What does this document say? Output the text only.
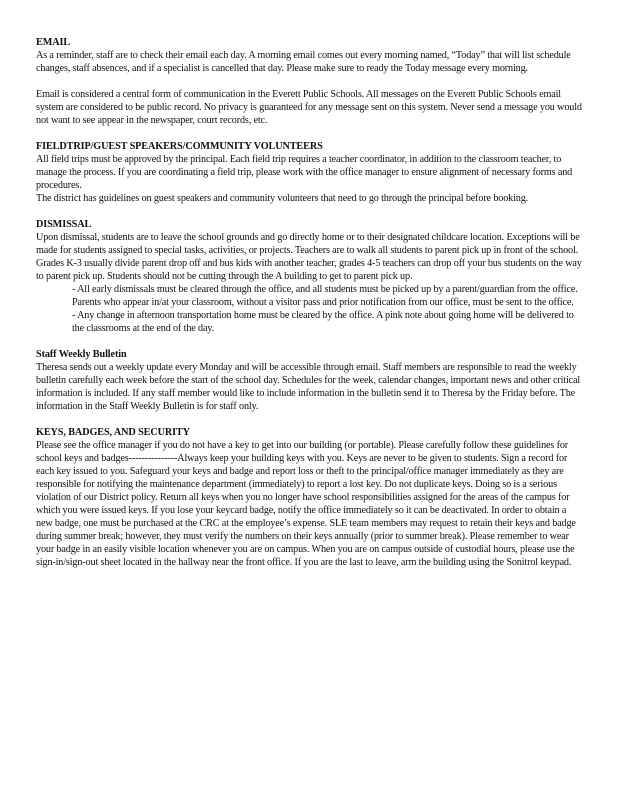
EMAIL

As a reminder, staff are to check their email each day. A morning email comes out every morning named, “Today” that will list schedule changes, staff absences, and if a specialist is cancelled that day. Please make sure to ready the Today message every morning.

Email is considered a central form of communication in the Everett Public Schools. All messages on the Everett Public Schools email system are considered to be public record. No privacy is guaranteed for any message sent on this system. Never send a message you would not want to see appear in the newspaper, court records, etc.

FIELDTRIP/GUEST SPEAKERS/COMMUNITY VOLUNTEERS

All field trips must be approved by the principal. Each field trip requires a teacher coordinator, in addition to the classroom teacher, to manage the process. If you are coordinating a field trip, please work with the office manager to ensure alignment of necessary forms and procedures.

The district has guidelines on guest speakers and community volunteers that need to go through the principal before booking.

DISMISSAL

Upon dismissal, students are to leave the school grounds and go directly home or to their designated childcare location. Exceptions will be made for students assigned to special tasks, activities, or projects. Teachers are to walk all students to parent pick up in front of the school. Grades K-3 usually divide parent drop off and bus kids with another teacher, grades 4-5 teachers can drop off your bus students on the way to parent pick up. Students should not be cutting through the A building to get to parent pick up.

- All early dismissals must be cleared through the office, and all students must be picked up by a parent/guardian from the office. Parents who appear in/at your classroom, without a visitor pass and prior notification from our office, must be sent to the office.

- Any change in afternoon transportation home must be cleared by the office. A pink note about going home will be delivered to the classrooms at the end of the day.

Staff Weekly Bulletin

Theresa sends out a weekly update every Monday and will be accessible through email. Staff members are responsible to read the weekly bulletin carefully each week before the start of the school day. Schedules for the week, calendar changes, important news and other critical information is included. If any staff member would like to include information in the bulletin send it to Theresa by the Friday before. The information in the Staff Weekly Bulletin is for staff only.

KEYS, BADGES, AND SECURITY

Please see the office manager if you do not have a key to get into our building (or portable). Please carefully follow these guidelines for school keys and badges---------------Always keep your building keys with you. Keys are never to be given to students. Sign a record for each key issued to you. Safeguard your keys and badge and report loss or theft to the principal/office manager immediately as they are responsible for notifying the maintenance department (immediately) to report a lost key. Do not duplicate keys. Doing so is a serious violation of our District policy. Return all keys when you no longer have school responsibilities assigned for the areas of the campus for which you were issued keys. If you lose your keycard badge, notify the office immediately so it can be deactivated. In order to obtain a new badge, one must be purchased at the CRC at the employee’s expense. SLE team members may request to retain their keys and badge during summer break; however, they must verify the numbers on their keys annually (prior to summer break). Please remember to wear your badge in an easily visible location whenever you are on campus. When you are on campus outside of custodial hours, please use the sign-in/sign-out sheet located in the hallway near the front office. If you are the last to leave, arm the building using the Sonitrol keypad.
